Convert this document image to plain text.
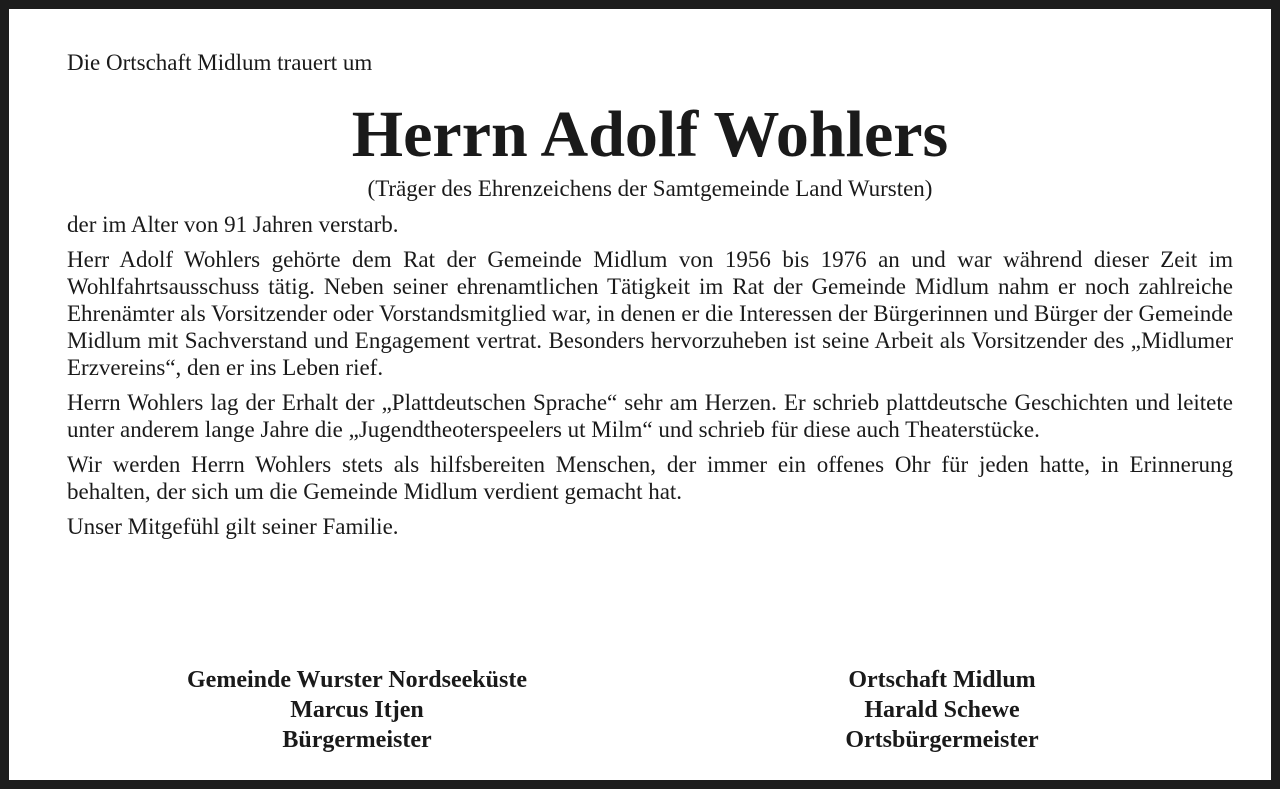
Die Ortschaft Midlum trauert um

Herrn Adolf Wohlers

(Träger des Ehrenzeichens der Samtgemeinde Land Wursten)

der im Alter von 91 Jahren verstarb.

Herr Adolf Wohlers gehörte dem Rat der Gemeinde Midlum von 1956 bis 1976 an und war während dieser Zeit im Wohlfahrtsausschuss tätig. Neben seiner ehrenamtlichen Tätigkeit im Rat der Gemeinde Midlum nahm er noch zahlreiche Ehrenämter als Vorsitzender oder Vorstandsmitglied war, in denen er die Interessen der Bürgerinnen und Bürger der Gemeinde Midlum mit Sachverstand und Engagement vertrat. Besonders hervorzuheben ist seine Arbeit als Vorsitzender des „Midlumer Erzvereins“, den er ins Leben rief.

Herrn Wohlers lag der Erhalt der „Plattdeutschen Sprache“ sehr am Herzen. Er schrieb plattdeutsche Geschichten und leitete unter anderem lange Jahre die „Jugendtheoterspeelers ut Milm“ und schrieb für diese auch Theaterstücke.

Wir werden Herrn Wohlers stets als hilfsbereiten Menschen, der immer ein offenes Ohr für jeden hatte, in Erinnerung behalten, der sich um die Gemeinde Midlum verdient gemacht hat.

Unser Mitgefühl gilt seiner Familie.

Gemeinde Wurster Nordseeküste
Marcus Itjen
Bürgermeister
Ortschaft Midlum
Harald Schewe
Ortsbürgermeister
